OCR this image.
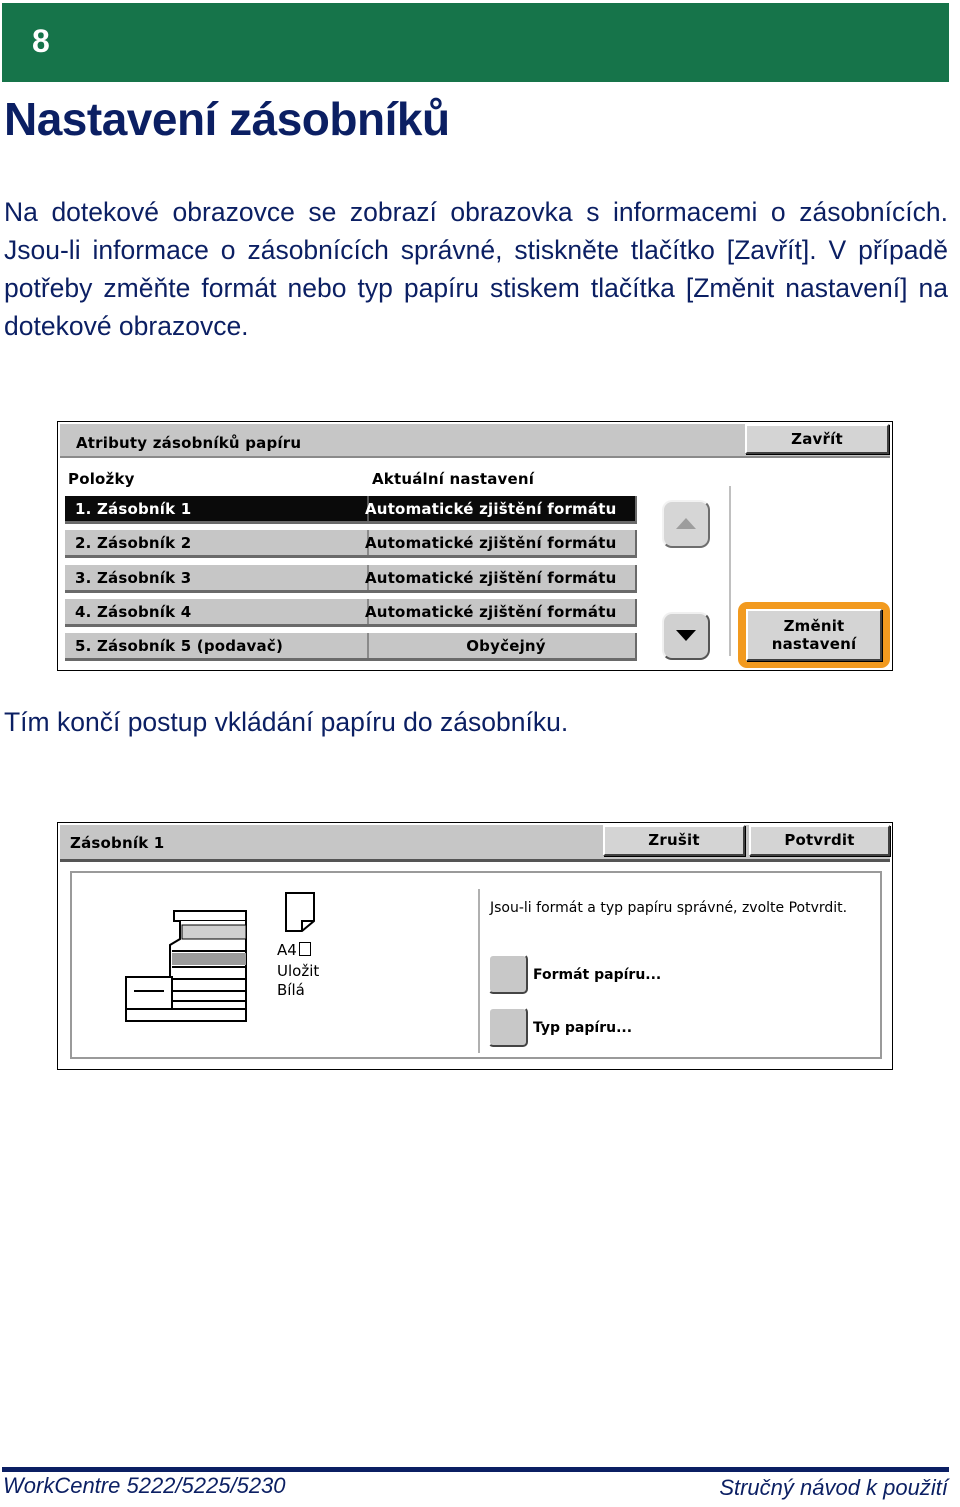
8
Nastavení zásobníků

Na dotekové obrazovce se zobrazí obrazovka s informacemi o zásobnících. Jsou-li informace o zásobnících správné, stiskněte tlačítko [Zavřít]. V případě potřeby změňte formát nebo typ papíru stiskem tlačítka [Změnit nastavení] na dotekové obrazovce.

Atributy zásobníků papíru	Zavřít
Položky	Aktuální nastavení
1. Zásobník 1	Automatické zjištění formátu
2. Zásobník 2	Automatické zjištění formátu
3. Zásobník 3	Automatické zjištění formátu
4. Zásobník 4	Automatické zjištění formátu
5. Zásobník 5 (podavač)	Obyčejný
Změnit
nastavení

Tím končí postup vkládání papíru do zásobníku.

Zásobník 1	Zrušit	Potvrdit
A4
Uložit
Bílá
Jsou-li formát a typ papíru správné, zvolte Potvrdit.
Formát papíru...
Typ papíru...
WorkCentre 5222/5225/5230	Stručný návod k použití
